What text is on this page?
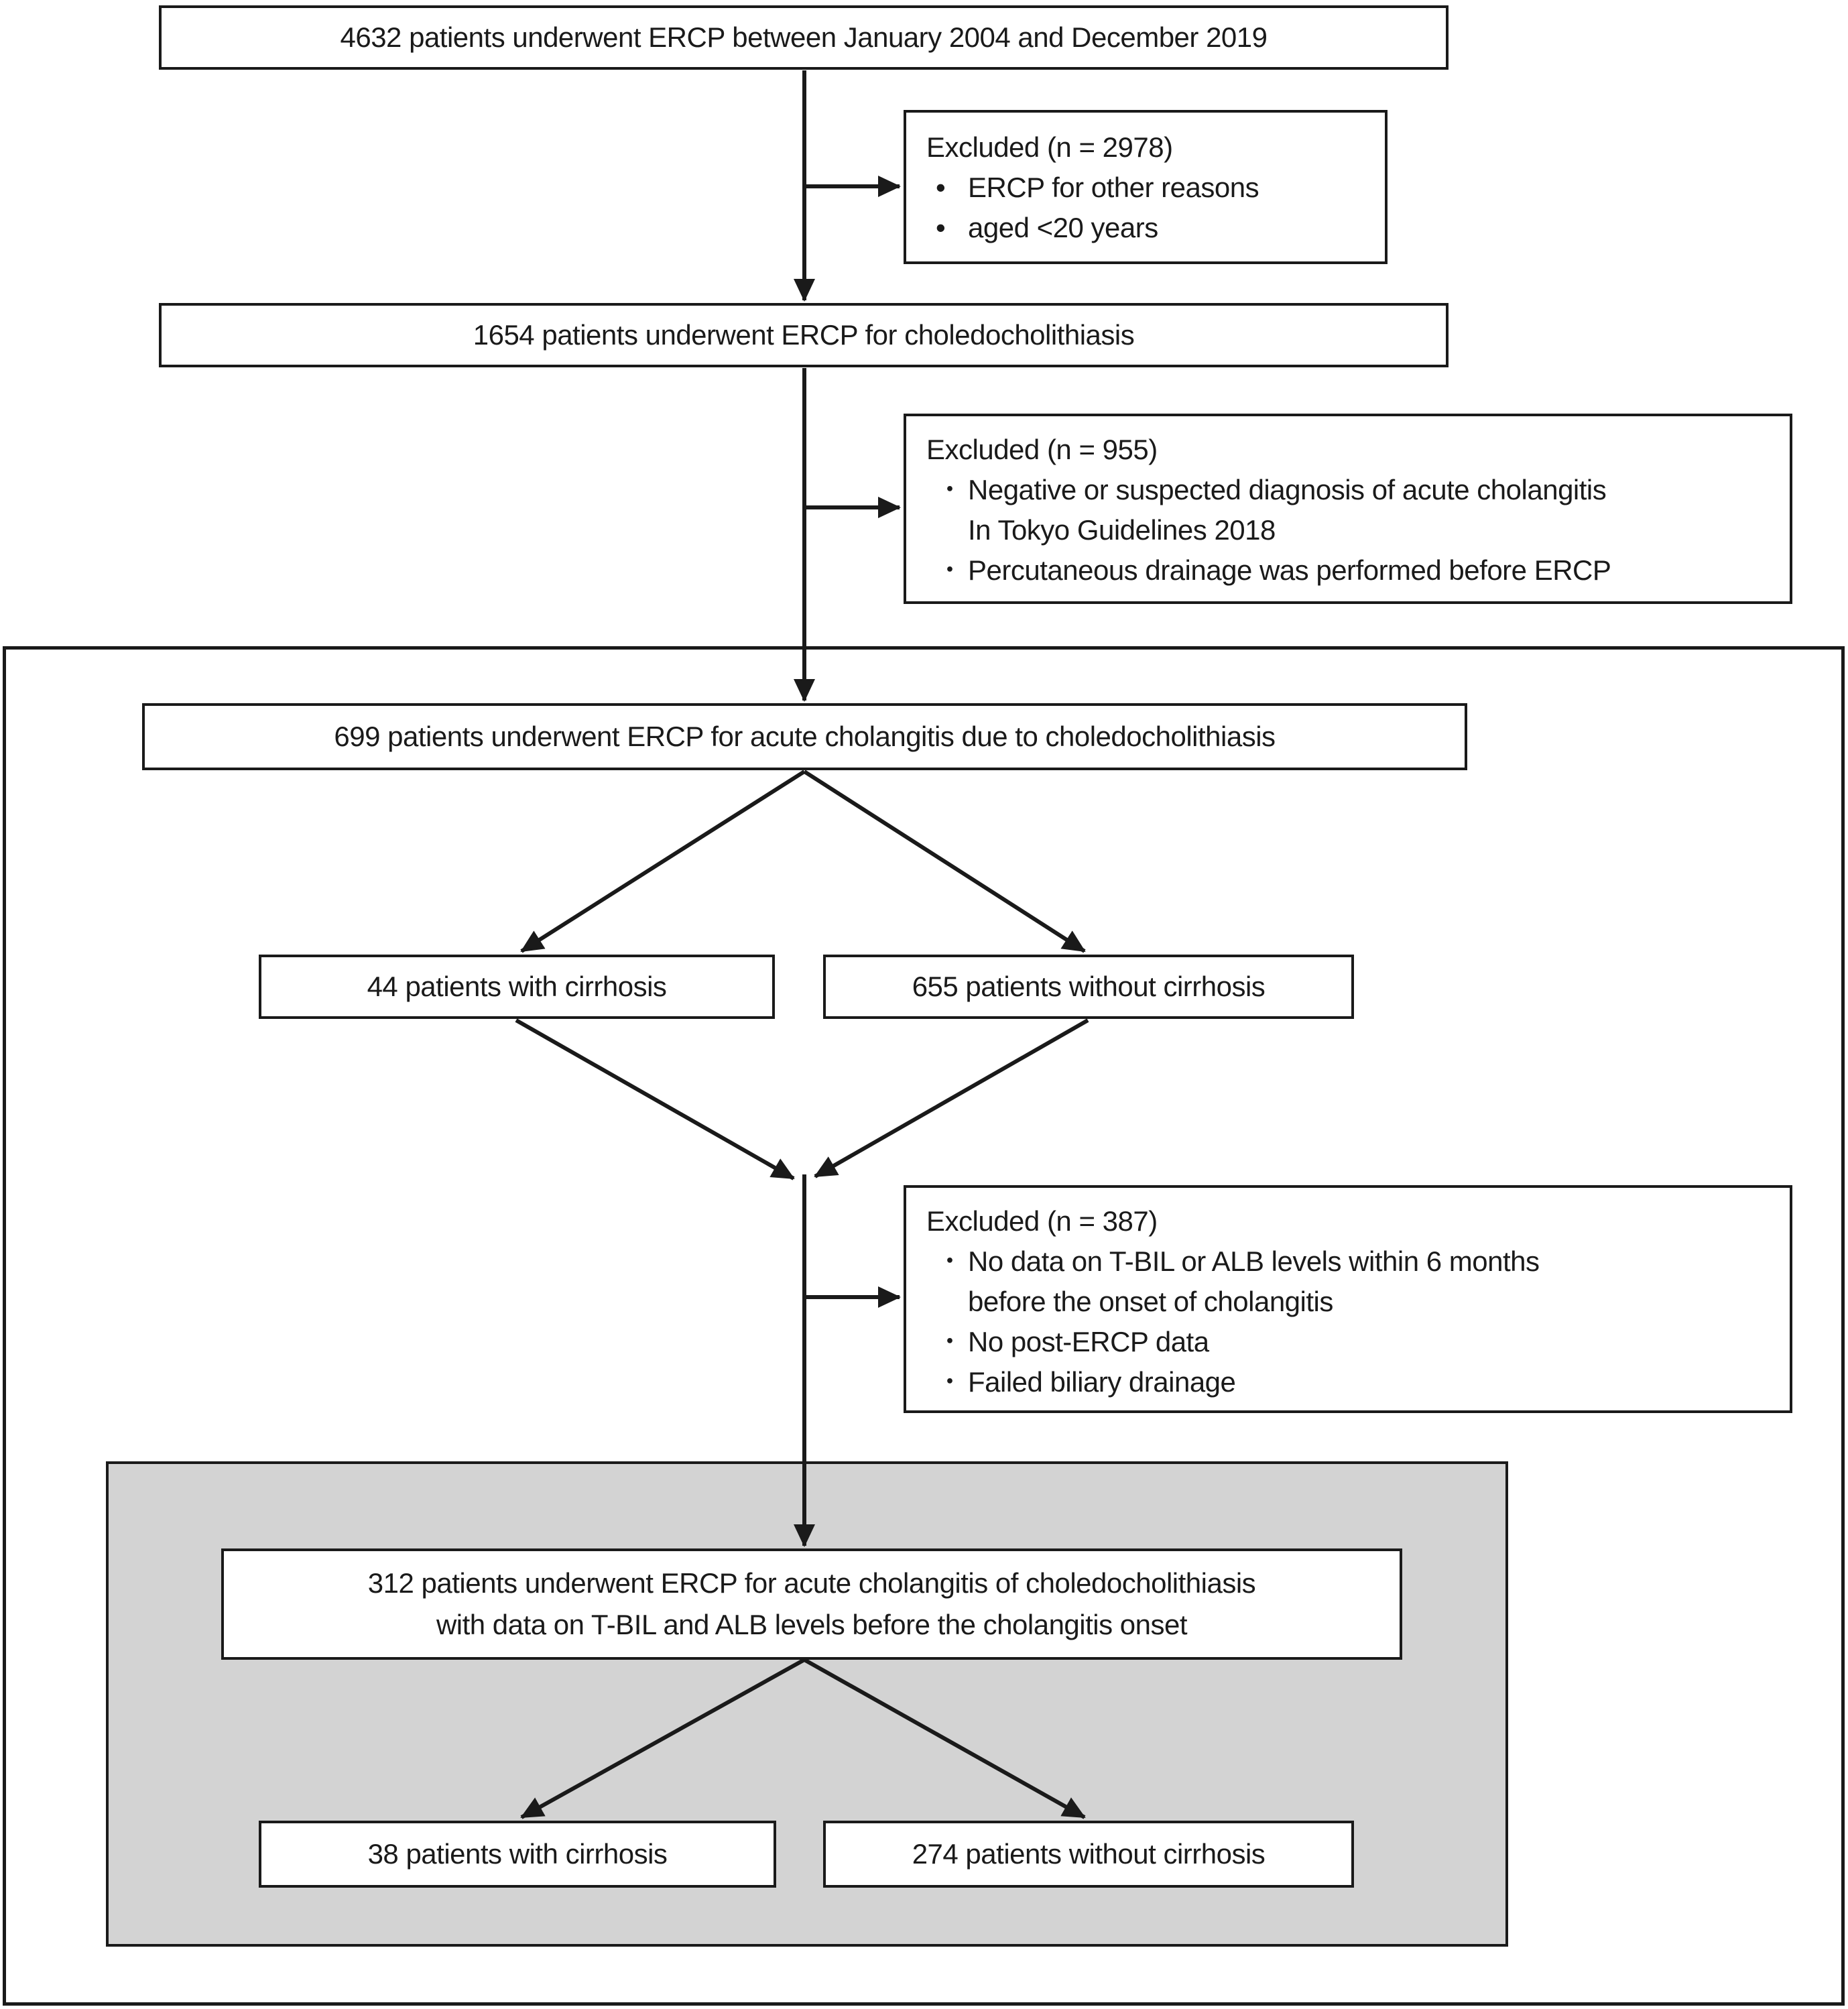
4632 patients underwent ERCP between January 2004 and December 2019
Excluded (n = 2978)
• ERCP for other reasons
• aged <20 years
1654 patients underwent ERCP for choledocholithiasis
Excluded (n = 955)
・ Negative or suspected diagnosis of acute cholangitis
In Tokyo Guidelines 2018
・ Percutaneous drainage was performed before ERCP
699 patients underwent ERCP for acute cholangitis due to choledocholithiasis
44 patients with cirrhosis	655 patients without cirrhosis
Excluded (n = 387)
・ No data on T-BIL or ALB levels within 6 months
before the onset of cholangitis
・ No post-ERCP data
・ Failed biliary drainage
312 patients underwent ERCP for acute cholangitis of choledocholithiasis
with data on T-BIL and ALB levels before the cholangitis onset
38 patients with cirrhosis	274 patients without cirrhosis
